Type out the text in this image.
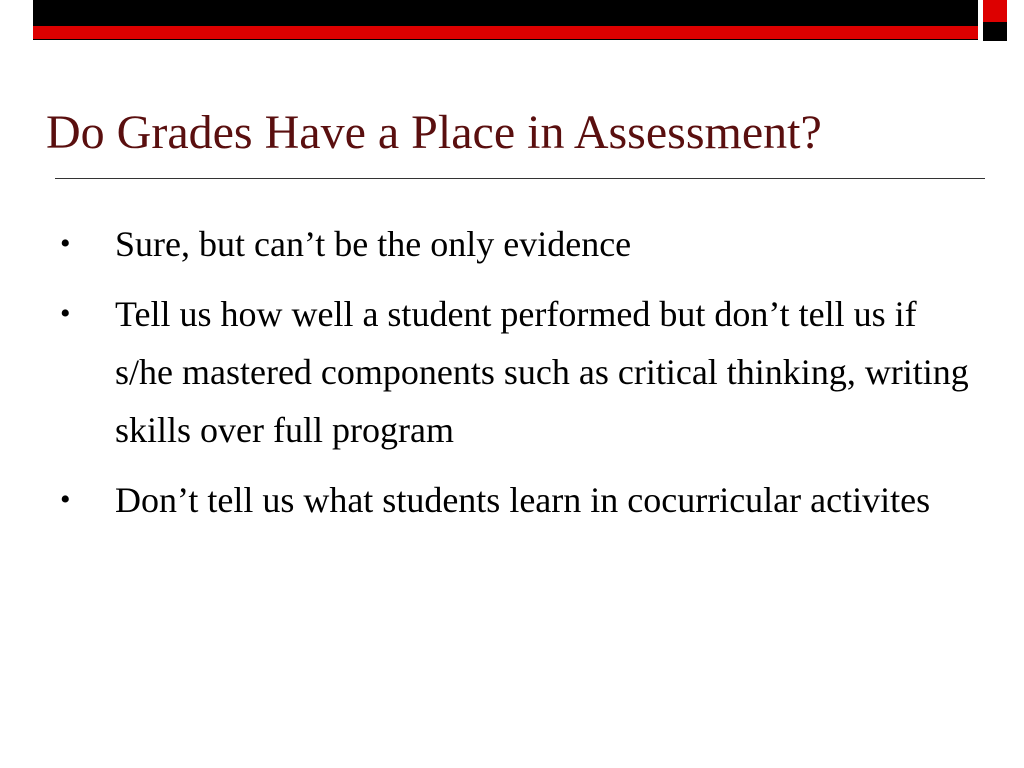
Do Grades Have a Place in Assessment?
• Sure, but can’t be the only evidence
• Tell us how well a student performed but don’t tell us if s/he mastered components such as critical thinking, writing skills over full program
• Don’t tell us what students learn in cocurricular activites
